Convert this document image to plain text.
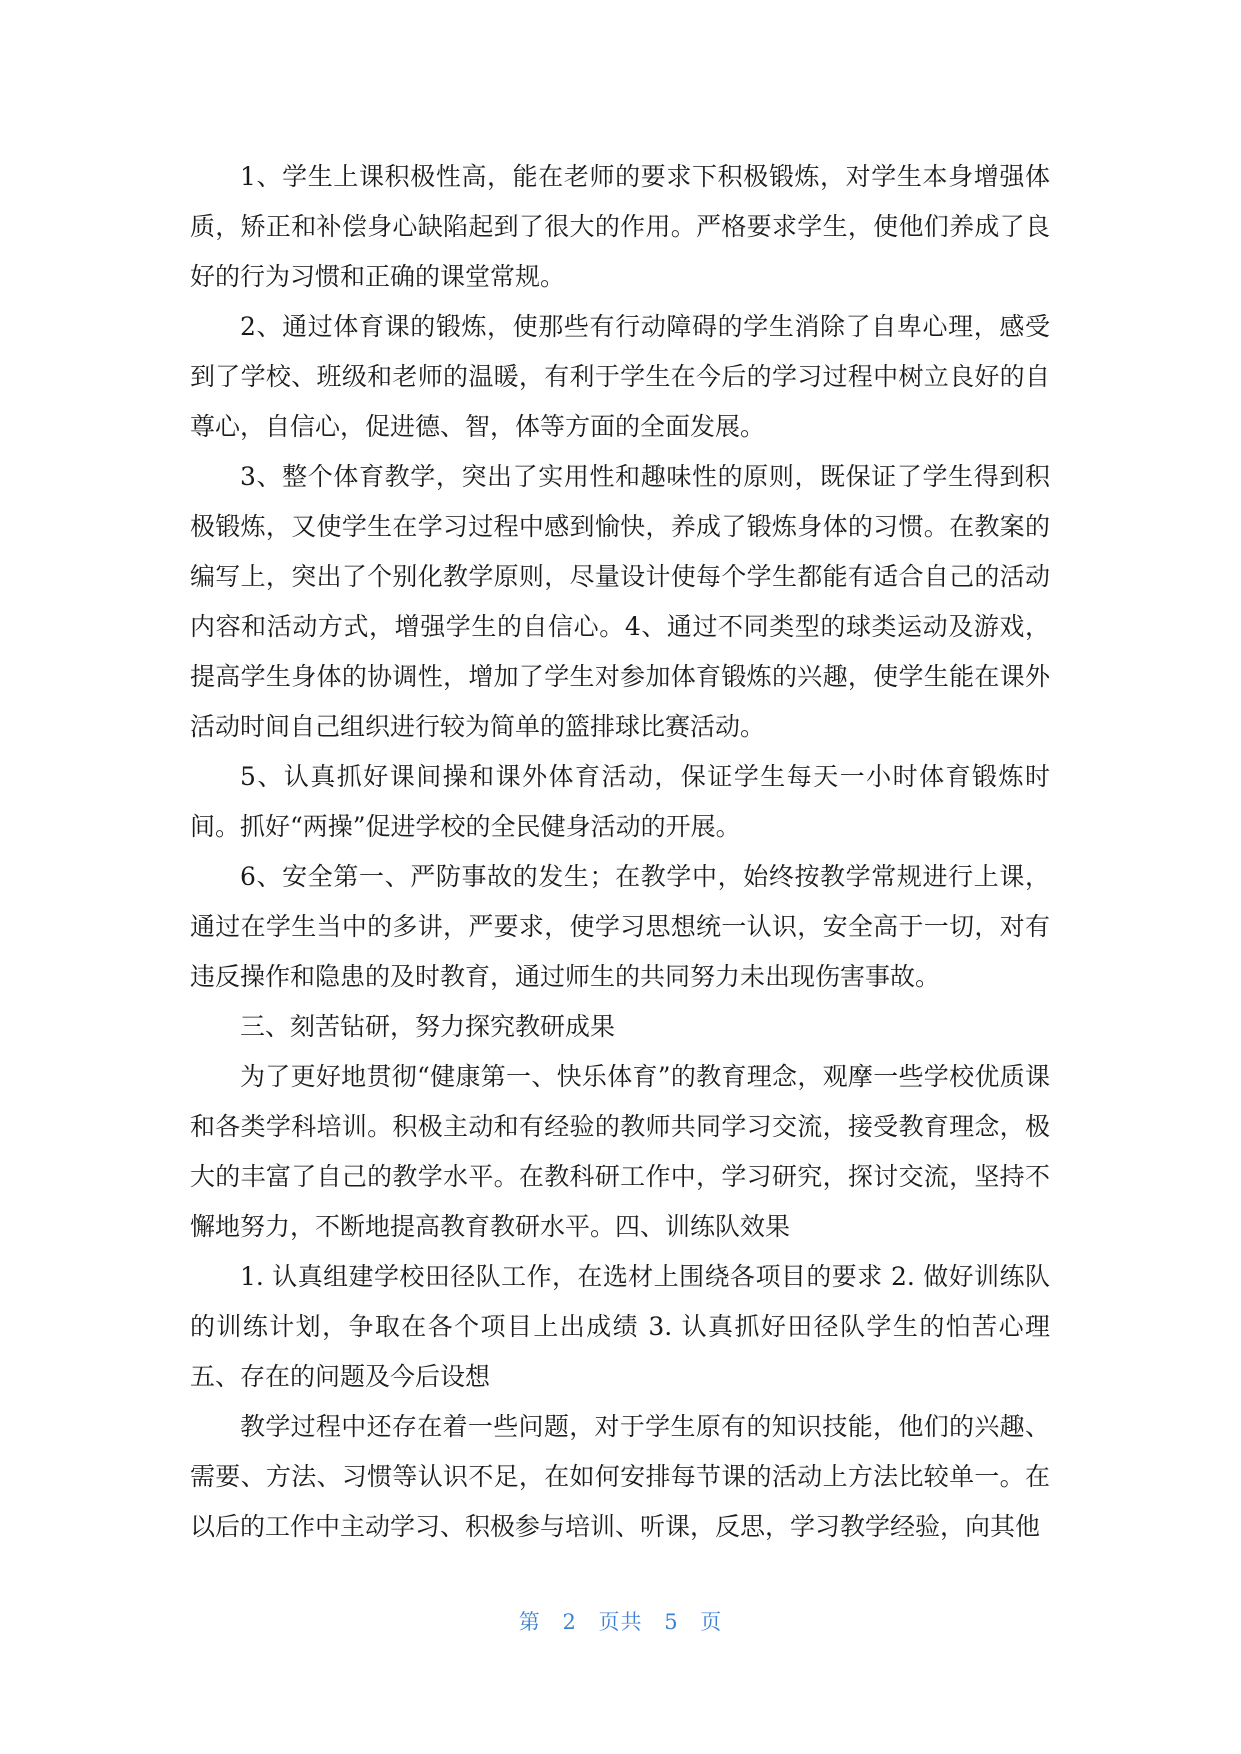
1、学生上课积极性高，能在老师的要求下积极锻炼，对学生本身增强体质，矫正和补偿身心缺陷起到了很大的作用。严格要求学生，使他们养成了良好的行为习惯和正确的课堂常规。

2、通过体育课的锻炼，使那些有行动障碍的学生消除了自卑心理，感受到了学校、班级和老师的温暖，有利于学生在今后的学习过程中树立良好的自尊心，自信心，促进德、智，体等方面的全面发展。

3、整个体育教学，突出了实用性和趣味性的原则，既保证了学生得到积极锻炼，又使学生在学习过程中感到愉快，养成了锻炼身体的习惯。在教案的编写上，突出了个别化教学原则，尽量设计使每个学生都能有适合自己的活动内容和活动方式，增强学生的自信心。4、通过不同类型的球类运动及游戏，提高学生身体的协调性，增加了学生对参加体育锻炼的兴趣，使学生能在课外活动时间自己组织进行较为简单的篮排球比赛活动。

5、认真抓好课间操和课外体育活动，保证学生每天一小时体育锻炼时间。抓好“两操”促进学校的全民健身活动的开展。

6、安全第一、严防事故的发生；在教学中，始终按教学常规进行上课，通过在学生当中的多讲，严要求，使学习思想统一认识，安全高于一切，对有违反操作和隐患的及时教育，通过师生的共同努力未出现伤害事故。

三、刻苦钻研，努力探究教研成果

为了更好地贯彻“健康第一、快乐体育”的教育理念，观摩一些学校优质课和各类学科培训。积极主动和有经验的教师共同学习交流，接受教育理念，极大的丰富了自己的教学水平。在教科研工作中，学习研究，探讨交流，坚持不懈地努力，不断地提高教育教研水平。四、训练队效果

1. 认真组建学校田径队工作，在选材上围绕各项目的要求 2. 做好训练队的训练计划，争取在各个项目上出成绩 3. 认真抓好田径队学生的怕苦心理五、存在的问题及今后设想

教学过程中还存在着一些问题，对于学生原有的知识技能，他们的兴趣、需要、方法、习惯等认识不足，在如何安排每节课的活动上方法比较单一。在以后的工作中主动学习、积极参与培训、听课，反思，学习教学经验，向其他

第 2 页共 5 页
